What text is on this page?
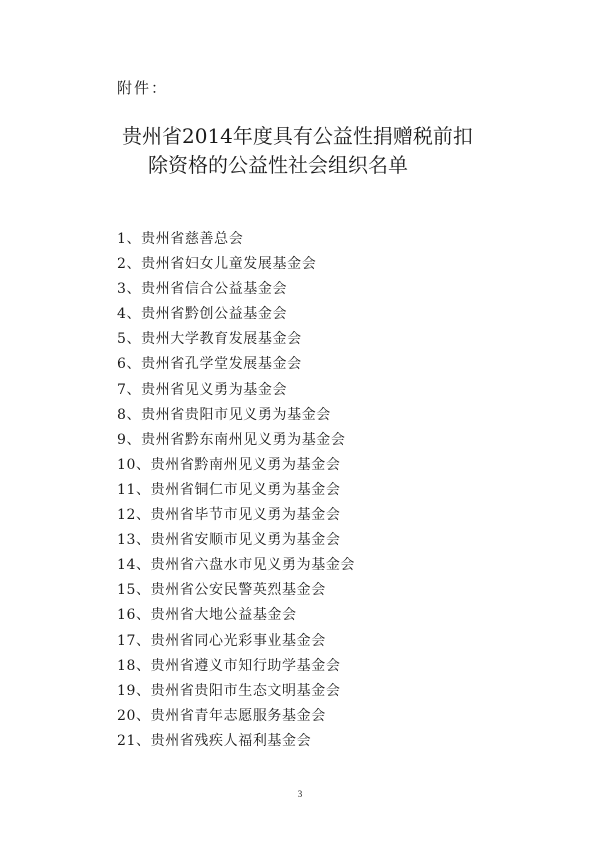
附件：
贵州省2014年度具有公益性捐赠税前扣
除资格的公益性社会组织名单
1、贵州省慈善总会
2、贵州省妇女儿童发展基金会
3、贵州省信合公益基金会
4、贵州省黔创公益基金会
5、贵州大学教育发展基金会
6、贵州省孔学堂发展基金会
7、贵州省见义勇为基金会
8、贵州省贵阳市见义勇为基金会
9、贵州省黔东南州见义勇为基金会
10、贵州省黔南州见义勇为基金会
11、贵州省铜仁市见义勇为基金会
12、贵州省毕节市见义勇为基金会
13、贵州省安顺市见义勇为基金会
14、贵州省六盘水市见义勇为基金会
15、贵州省公安民警英烈基金会
16、贵州省大地公益基金会
17、贵州省同心光彩事业基金会
18、贵州省遵义市知行助学基金会
19、贵州省贵阳市生态文明基金会
20、贵州省青年志愿服务基金会
21、贵州省残疾人福利基金会
3
